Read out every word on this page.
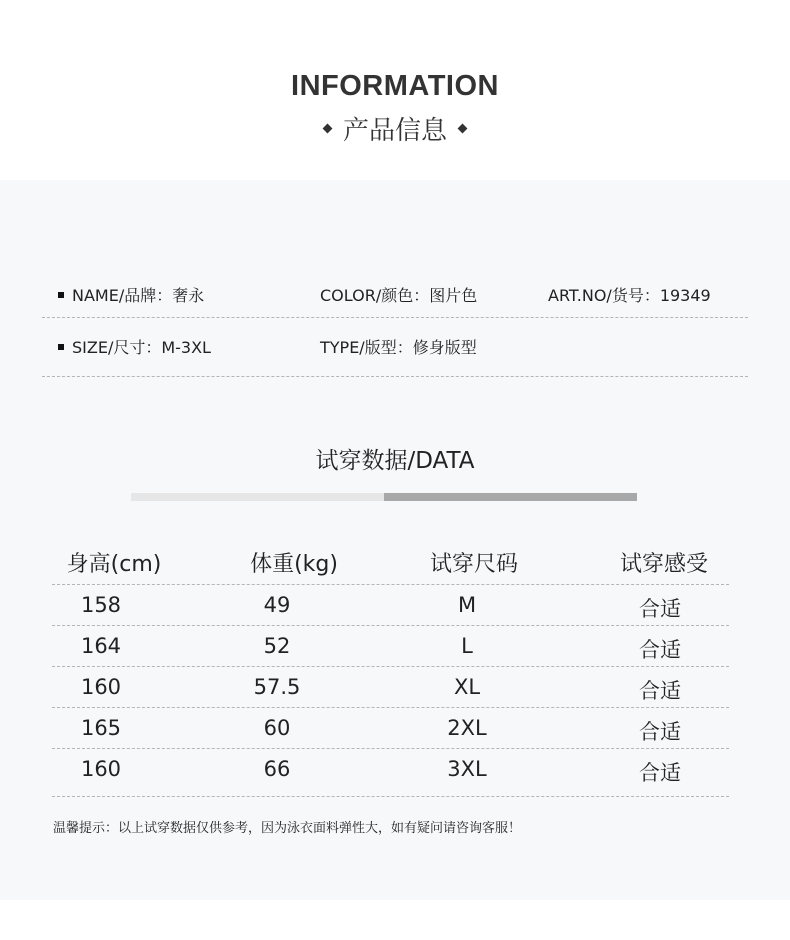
INFORMATION
产品信息
NAME/品牌：奢永	COLOR/颜色：图片色	ART.NO/货号：19349
SIZE/尺寸：M-3XL	TYPE/版型：修身版型
试穿数据/DATA
身高(cm)	体重(kg)	试穿尺码	试穿感受
158	49	M	合适
164	52	L	合适
160	57.5	XL	合适
165	60	2XL	合适
160	66	3XL	合适
温馨提示：以上试穿数据仅供参考，因为泳衣面料弹性大，如有疑问请咨询客服！
